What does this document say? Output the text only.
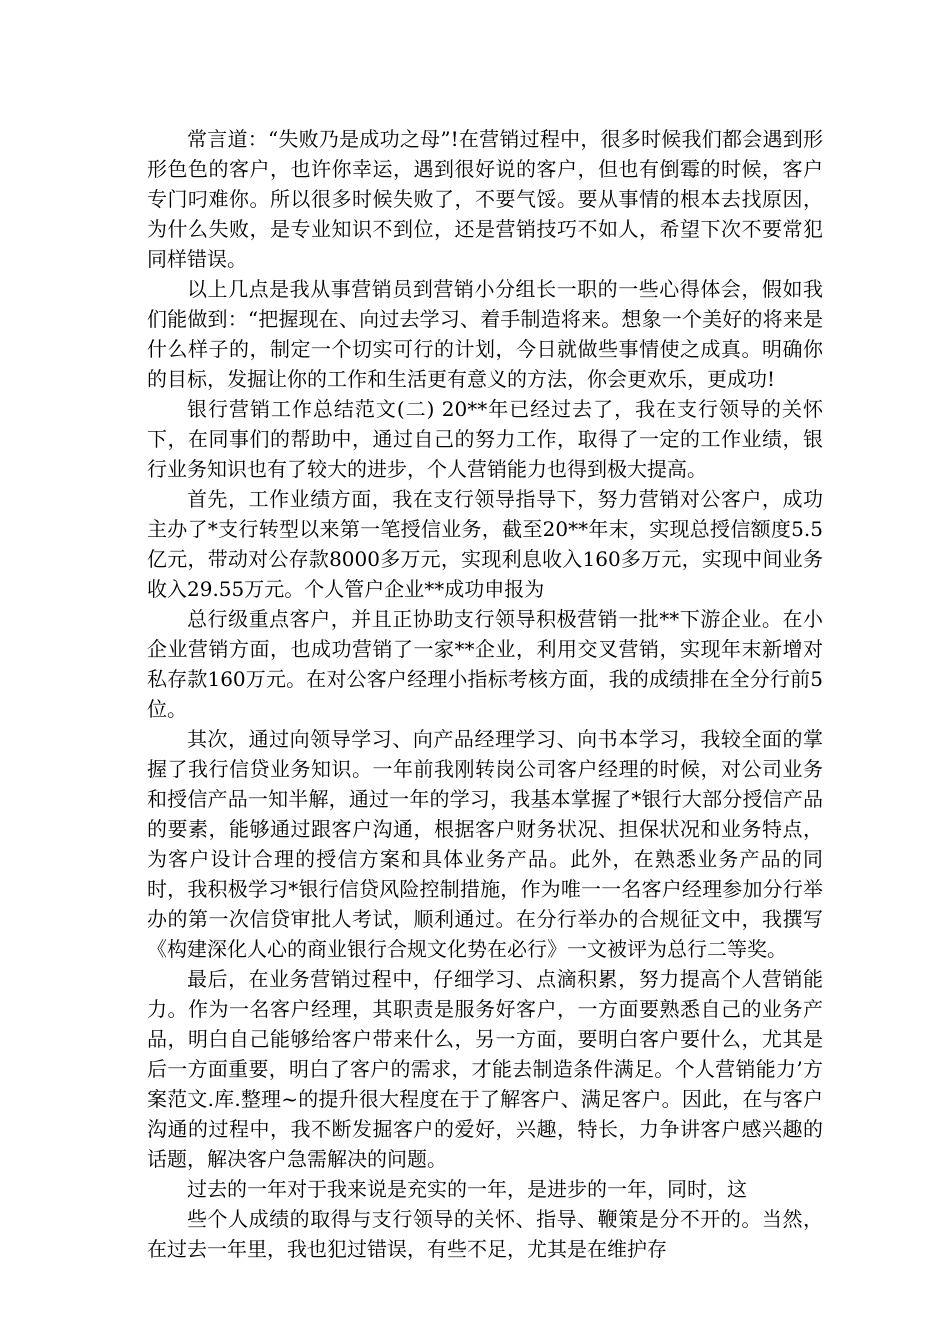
常言道：“失败乃是成功之母”!在营销过程中，很多时候我们都会遇到形形色色的客户，也许你幸运，遇到很好说的客户，但也有倒霉的时候，客户专门叼难你。所以很多时候失败了，不要气馁。要从事情的根本去找原因，为什么失败，是专业知识不到位，还是营销技巧不如人，希望下次不要常犯同样错误。

以上几点是我从事营销员到营销小分组长一职的一些心得体会，假如我们能做到：“把握现在、向过去学习、着手制造将来。想象一个美好的将来是什么样子的，制定一个切实可行的计划，今日就做些事情使之成真。明确你的目标，发掘让你的工作和生活更有意义的方法，你会更欢乐，更成功!

银行营销工作总结范文(二) 20**年已经过去了，我在支行领导的关怀下，在同事们的帮助中，通过自己的努力工作，取得了一定的工作业绩，银行业务知识也有了较大的进步，个人营销能力也得到极大提高。

首先，工作业绩方面，我在支行领导指导下，努力营销对公客户，成功主办了*支行转型以来第一笔授信业务，截至20**年末，实现总授信额度5.5亿元，带动对公存款8000多万元，实现利息收入160多万元，实现中间业务收入29.55万元。个人管户企业**成功申报为

总行级重点客户，并且正协助支行领导积极营销一批**下游企业。在小企业营销方面，也成功营销了一家**企业，利用交叉营销，实现年末新增对私存款160万元。在对公客户经理小指标考核方面，我的成绩排在全分行前5位。

其次，通过向领导学习、向产品经理学习、向书本学习，我较全面的掌握了我行信贷业务知识。一年前我刚转岗公司客户经理的时候，对公司业务和授信产品一知半解，通过一年的学习，我基本掌握了*银行大部分授信产品的要素，能够通过跟客户沟通，根据客户财务状况、担保状况和业务特点，为客户设计合理的授信方案和具体业务产品。此外，在熟悉业务产品的同时，我积极学习*银行信贷风险控制措施，作为唯一一名客户经理参加分行举办的第一次信贷审批人考试，顺利通过。在分行举办的合规征文中，我撰写《构建深化人心的商业银行合规文化势在必行》一文被评为总行二等奖。

最后，在业务营销过程中，仔细学习、点滴积累，努力提高个人营销能力。作为一名客户经理，其职责是服务好客户，一方面要熟悉自己的业务产品，明白自己能够给客户带来什么，另一方面，要明白客户要什么，尤其是后一方面重要，明白了客户的需求，才能去制造条件满足。个人营销能力’方案范文.库.整理~的提升很大程度在于了解客户、满足客户。因此，在与客户沟通的过程中，我不断发掘客户的爱好，兴趣，特长，力争讲客户感兴趣的话题，解决客户急需解决的问题。

过去的一年对于我来说是充实的一年，是进步的一年，同时，这

些个人成绩的取得与支行领导的关怀、指导、鞭策是分不开的。当然，在过去一年里，我也犯过错误，有些不足，尤其是在维护存
